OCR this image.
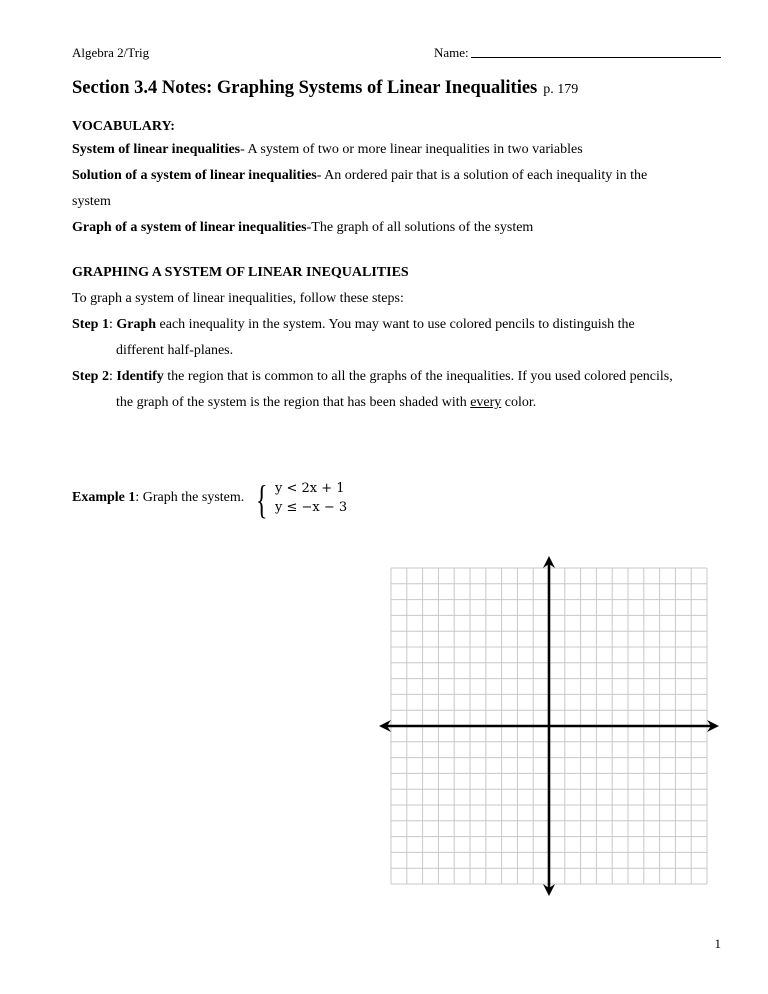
Algebra 2/Trig	Name:
Section 3.4 Notes: Graphing Systems of Linear Inequalities p. 179
VOCABULARY:
System of linear inequalities- A system of two or more linear inequalities in two variables
Solution of a system of linear inequalities- An ordered pair that is a solution of each inequality in the
system
Graph of a system of linear inequalities-The graph of all solutions of the system
GRAPHING A SYSTEM OF LINEAR INEQUALITIES
To graph a system of linear inequalities, follow these steps:
Step 1: Graph each inequality in the system. You may want to use colored pencils to distinguish the
different half-planes.
Step 2: Identify the region that is common to all the graphs of the inequalities. If you used colored pencils,
the graph of the system is the region that has been shaded with every color.
Example 1: Graph the system. { y < 2x + 1
y ≤ −x − 3
1
